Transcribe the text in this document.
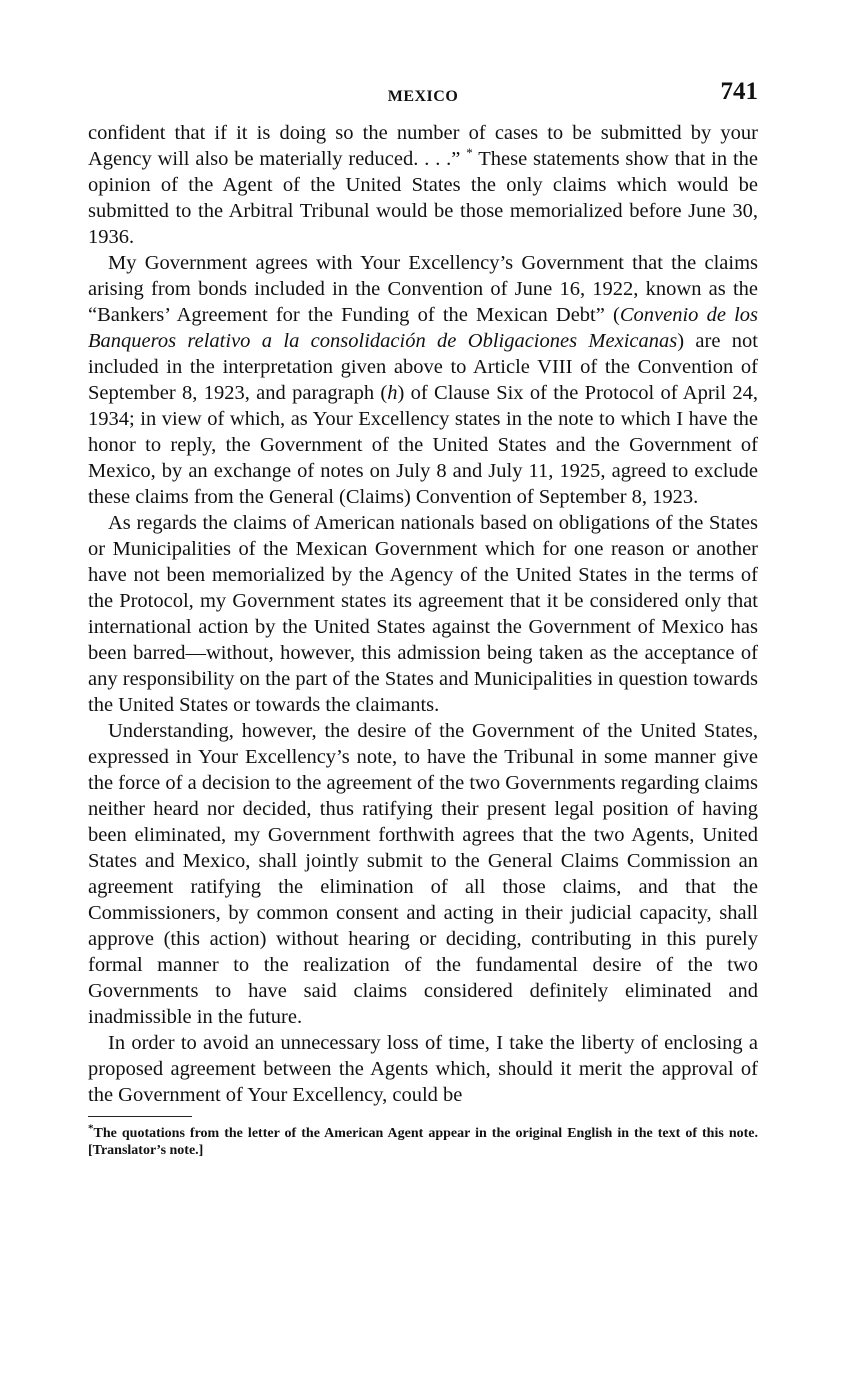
MEXICO	741

confident that if it is doing so the number of cases to be submitted by your Agency will also be materially reduced. . . .” * These statements show that in the opinion of the Agent of the United States the only claims which would be submitted to the Arbitral Tribunal would be those memorialized before June 30, 1936.

My Government agrees with Your Excellency’s Government that the claims arising from bonds included in the Convention of June 16, 1922, known as the “Bankers’ Agreement for the Funding of the Mexican Debt” (Convenio de los Banqueros relativo a la consolidación de Obligaciones Mexicanas) are not included in the interpretation given above to Article VIII of the Convention of September 8, 1923, and paragraph (h) of Clause Six of the Protocol of April 24, 1934; in view of which, as Your Excellency states in the note to which I have the honor to reply, the Government of the United States and the Government of Mexico, by an exchange of notes on July 8 and July 11, 1925, agreed to exclude these claims from the General (Claims) Convention of September 8, 1923.

As regards the claims of American nationals based on obligations of the States or Municipalities of the Mexican Government which for one reason or another have not been memorialized by the Agency of the United States in the terms of the Protocol, my Government states its agreement that it be considered only that international action by the United States against the Government of Mexico has been barred—without, however, this admission being taken as the acceptance of any responsibility on the part of the States and Municipalities in question towards the United States or towards the claimants.

Understanding, however, the desire of the Government of the United States, expressed in Your Excellency’s note, to have the Tribunal in some manner give the force of a decision to the agreement of the two Governments regarding claims neither heard nor decided, thus ratifying their present legal position of having been eliminated, my Government forthwith agrees that the two Agents, United States and Mexico, shall jointly submit to the General Claims Commission an agreement ratifying the elimination of all those claims, and that the Commissioners, by common consent and acting in their judicial capacity, shall approve (this action) without hearing or deciding, contributing in this purely formal manner to the realization of the fundamental desire of the two Governments to have said claims considered definitely eliminated and inadmissible in the future.

In order to avoid an unnecessary loss of time, I take the liberty of enclosing a proposed agreement between the Agents which, should it merit the approval of the Government of Your Excellency, could be

*The quotations from the letter of the American Agent appear in the original English in the text of this note. [Translator’s note.]
